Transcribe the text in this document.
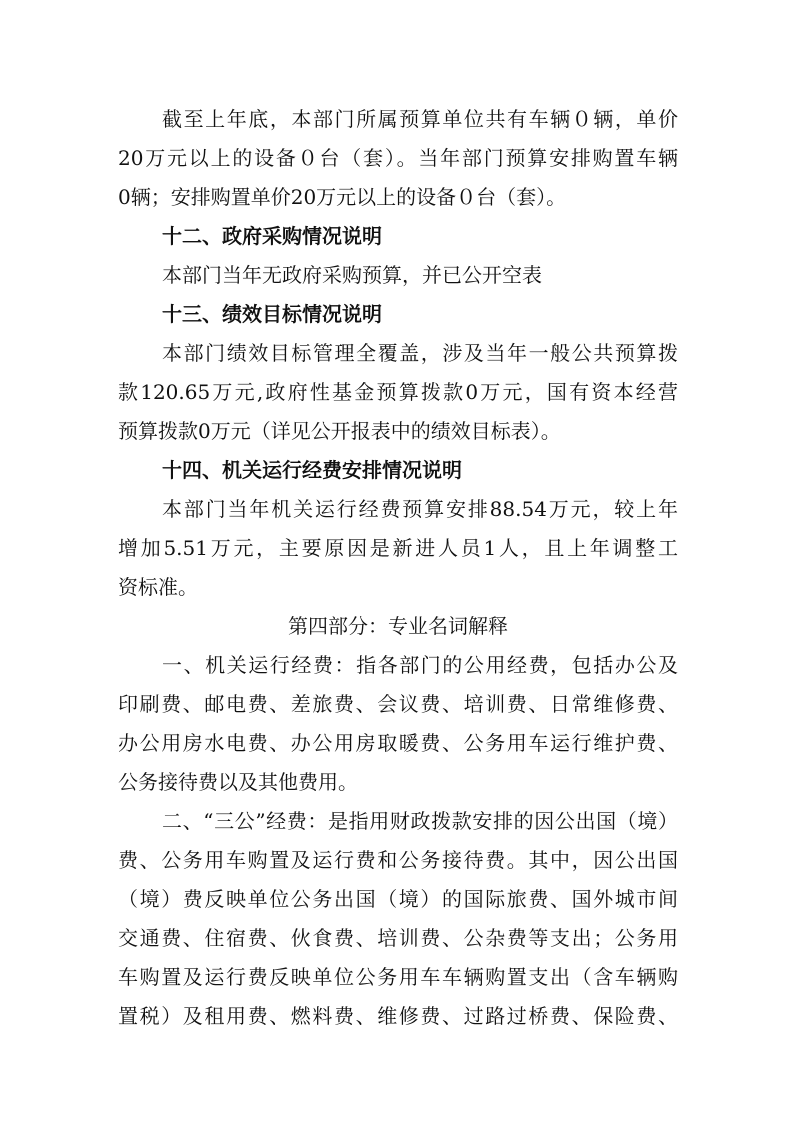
截至上年底，本部门所属预算单位共有车辆０辆，单价
20万元以上的设备０台（套）。当年部门预算安排购置车辆
0辆；安排购置单价20万元以上的设备０台（套）。
十二、政府采购情况说明
本部门当年无政府采购预算，并已公开空表
十三、绩效目标情况说明
本部门绩效目标管理全覆盖，涉及当年一般公共预算拨
款120.65万元,政府性基金预算拨款0万元，国有资本经营
预算拨款0万元（详见公开报表中的绩效目标表）。
十四、机关运行经费安排情况说明
本部门当年机关运行经费预算安排88.54万元，较上年
增加5.51万元，主要原因是新进人员1人，且上年调整工
资标准。
第四部分：专业名词解释
一、机关运行经费：指各部门的公用经费，包括办公及
印刷费、邮电费、差旅费、会议费、培训费、日常维修费、
办公用房水电费、办公用房取暖费、公务用车运行维护费、
公务接待费以及其他费用。
二、“三公”经费：是指用财政拨款安排的因公出国（境）
费、公务用车购置及运行费和公务接待费。其中，因公出国
（境）费反映单位公务出国（境）的国际旅费、国外城市间
交通费、住宿费、伙食费、培训费、公杂费等支出；公务用
车购置及运行费反映单位公务用车车辆购置支出（含车辆购
置税）及租用费、燃料费、维修费、过路过桥费、保险费、
